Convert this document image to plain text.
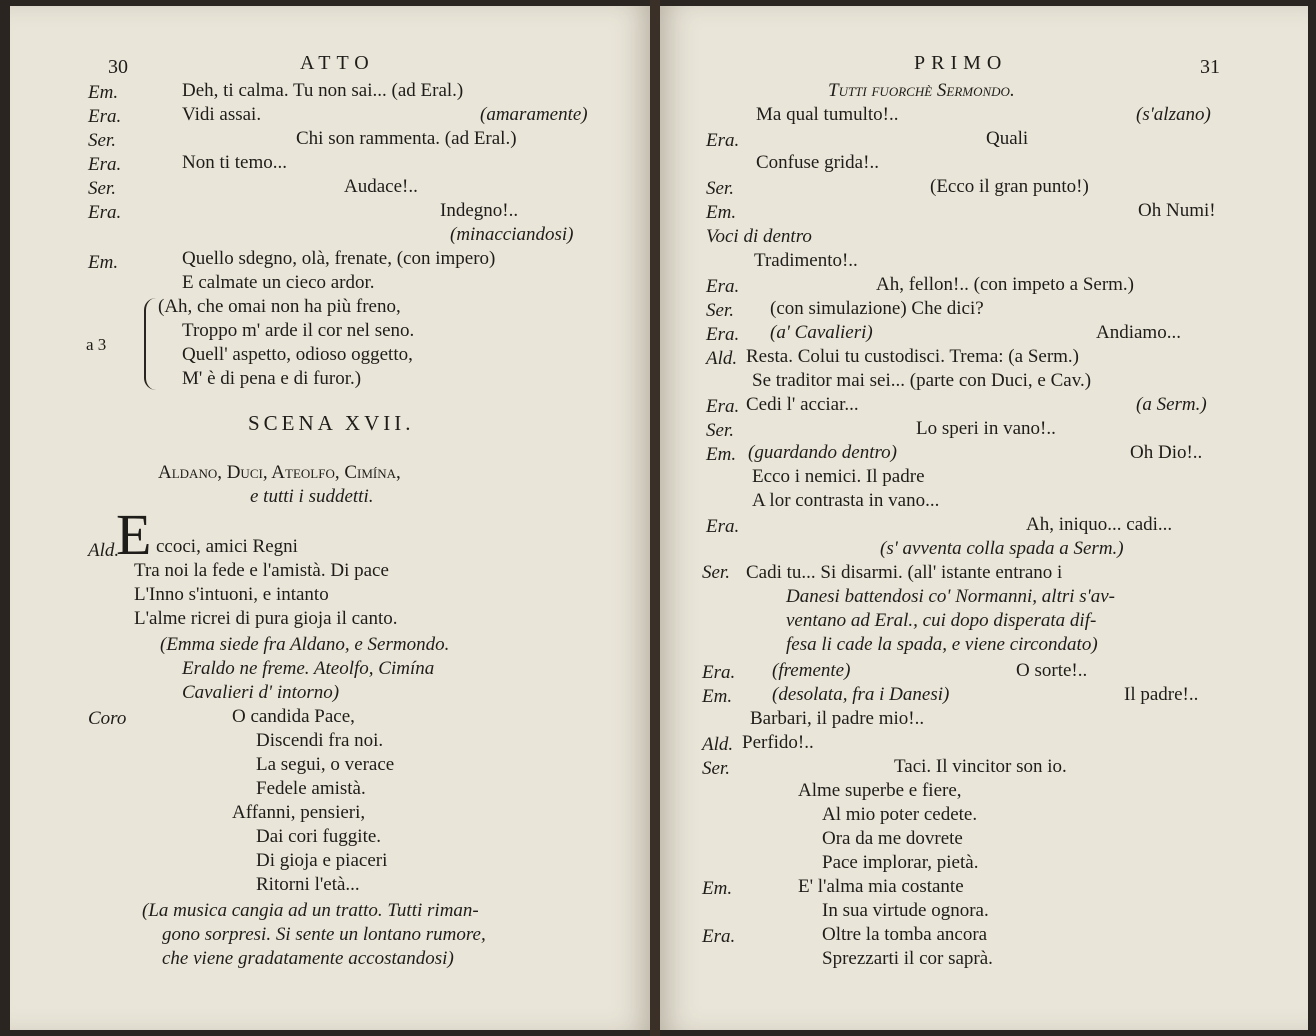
30	ATTO
Em.	Deh, ti calma. Tu non sai... (ad Eral.)
Era.	Vidi assai.	(amaramente)
Ser.	Chi son rammenta. (ad Eral.)
Era.	Non ti temo...
Ser.	Audace!..
Era.	Indegno!..
(minacciandosi)
Em.	Quello sdegno, olà, frenate, (con impero)
E calmate un cieco ardor.
a 3
(Ah, che omai non ha più freno,
Troppo m' arde il cor nel seno.
Quell' aspetto, odioso oggetto,
M' è di pena e di furor.)
SCENA XVII.
Aldano, Duci, Ateolfo, Cimína,
e tutti i suddetti.
Ald.
E ccoci, amici Regni
Tra noi la fede e l'amistà. Di pace
L'Inno s'intuoni, e intanto
L'alme ricrei di pura gioja il canto.
(Emma siede fra Aldano, e Sermondo.
Eraldo ne freme. Ateolfo, Cimína
Cavalieri d' intorno)
Coro	O candida Pace,
Discendi fra noi.
La segui, o verace
Fedele amistà.
Affanni, pensieri,
Dai cori fuggite.
Di gioja e piaceri
Ritorni l'età...
(La musica cangia ad un tratto. Tutti riman-
gono sorpresi. Si sente un lontano rumore,
che viene gradatamente accostandosi)
PRIMO	31
Tutti fuorchè Sermondo.
Ma qual tumulto!..	(s'alzano)
Era.	Quali
Confuse grida!..
Ser.	(Ecco il gran punto!)
Em.	Oh Numi!
Voci di dentro
Tradimento!..
Era.	Ah, fellon!.. (con impeto a Serm.)
Ser. (con simulazione) Che dici?
Era. (a' Cavalieri)	Andiamo...
Ald. Resta. Colui tu custodisci. Trema: (a Serm.)
Se traditor mai sei... (parte con Duci, e Cav.)
Era. Cedi l' acciar...	(a Serm.)
Ser.	Lo speri in vano!..
Em. (guardando dentro)	Oh Dio!..
Ecco i nemici. Il padre
A lor contrasta in vano...
Era.	Ah, iniquo... cadi...
(s' avventa colla spada a Serm.)
Ser. Cadi tu... Si disarmi. (all' istante entrano i
Danesi battendosi co' Normanni, altri s'av-
ventano ad Eral., cui dopo disperata dif-
fesa li cade la spada, e viene circondato)
Era. (fremente)	O sorte!..
Em. (desolata, fra i Danesi)	Il padre!..
Barbari, il padre mio!..
Ald. Perfido!..
Ser.	Taci. Il vincitor son io.
Alme superbe e fiere,
Al mio poter cedete.
Ora da me dovrete
Pace implorar, pietà.
Em.	E' l'alma mia costante
In sua virtude ognora.
Era.	Oltre la tomba ancora
Sprezzarti il cor saprà.
